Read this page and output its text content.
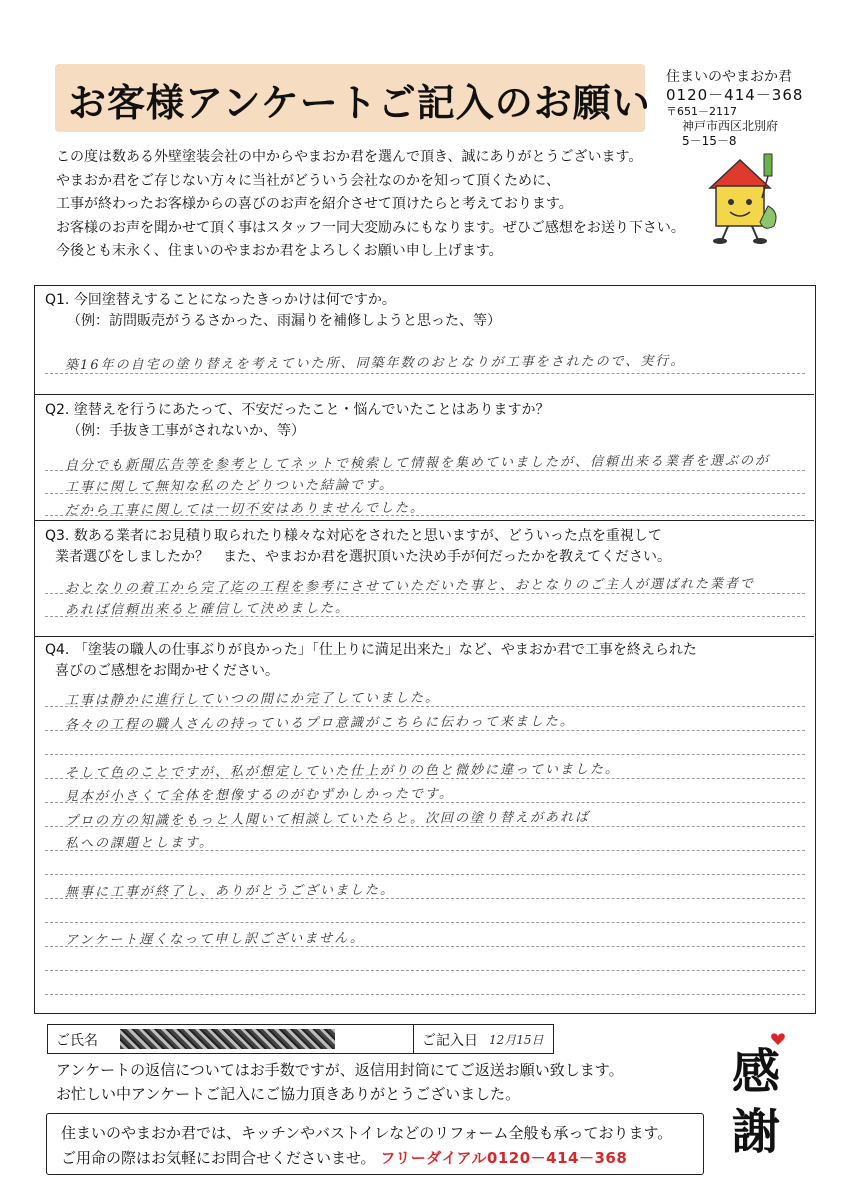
お客様アンケートご記入のお願い
住まいのやまおか君
0120－414－368
〒651－2117
神戸市西区北別府
5－15－8
この度は数ある外壁塗装会社の中からやまおか君を選んで頂き、誠にありがとうございます。
やまおか君をご存じない方々に当社がどういう会社なのかを知って頂くために、
工事が終わったお客様からの喜びのお声を紹介させて頂けたらと考えております。
お客様のお声を聞かせて頂く事はスタッフ一同大変励みにもなります。ぜひご感想をお送り下さい。
今後とも末永く、住まいのやまおか君をよろしくお願い申し上げます。
Q1. 今回塗替えすることになったきっかけは何ですか。
（例：訪問販売がうるさかった、雨漏りを補修しようと思った、等）
築16年の自宅の塗り替えを考えていた所、同築年数のおとなりが工事をされたので、実行。
Q2. 塗替えを行うにあたって、不安だったこと・悩んでいたことはありますか？
（例：手抜き工事がされないか、等）
自分でも新聞広告等を参考としてネットで検索して情報を集めていましたが、信頼出来る業者を選ぶのが
工事に関して無知な私のたどりついた結論です。
だから工事に関しては一切不安はありませんでした。
Q3. 数ある業者にお見積り取られたり様々な対応をされたと思いますが、どういった点を重視して
業者選びをしましたか？　また、やまおか君を選択頂いた決め手が何だったかを教えてください。
おとなりの着工から完了迄の工程を参考にさせていただいた事と、おとなりのご主人が選ばれた業者で
あれば信頼出来ると確信して決めました。
Q4. 「塗装の職人の仕事ぶりが良かった」「仕上りに満足出来た」など、やまおか君で工事を終えられた
喜びのご感想をお聞かせください。
工事は静かに進行していつの間にか完了していました。
各々の工程の職人さんの持っているプロ意識がこちらに伝わって来ました。
そして色のことですが、私が想定していた仕上がりの色と微妙に違っていました。
見本が小さくて全体を想像するのがむずかしかったです。
プロの方の知識をもっと人聞いて相談していたらと。次回の塗り替えがあれば
私への課題とします。
無事に工事が終了し、ありがとうございました。
アンケート遅くなって申し訳ございません。
ご氏名	ご記入日 12月15日
アンケートの返信についてはお手数ですが、返信用封筒にてご返送お願い致します。
お忙しい中アンケートご記入にご協力頂きありがとうございました。	感
謝
住まいのやまおか君では、キッチンやバストイレなどのリフォーム全般も承っております。
ご用命の際はお気軽にお問合せくださいませ。 フリーダイアル0120－414－368
